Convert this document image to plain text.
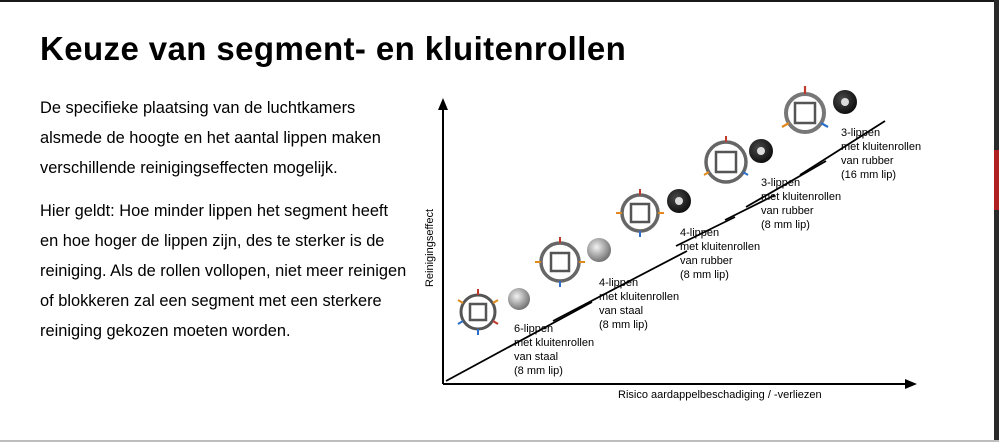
Keuze van segment- en kluitenrollen

De specifieke plaatsing van de luchtkamers alsmede de hoogte en het aantal lippen maken verschillende reinigingseffecten mogelijk.

Hier geldt: Hoe minder lippen het segment heeft en hoe hoger de lippen zijn, des te sterker is de reiniging. Als de rollen vollopen, niet meer reinigen of blokkeren zal een segment met een sterkere reiniging gekozen moeten worden.

Reinigingseffect
Risico aardappelbeschadiging / -verliezen
6-lippen met kluitenrollen van staal (8 mm lip)
4-lippen met kluitenrollen van staal (8 mm lip)
4-lippen met kluitenrollen van rubber (8 mm lip)
3-lippen met kluitenrollen van rubber (8 mm lip)
3-lippen met kluitenrollen van rubber (16 mm lip)
